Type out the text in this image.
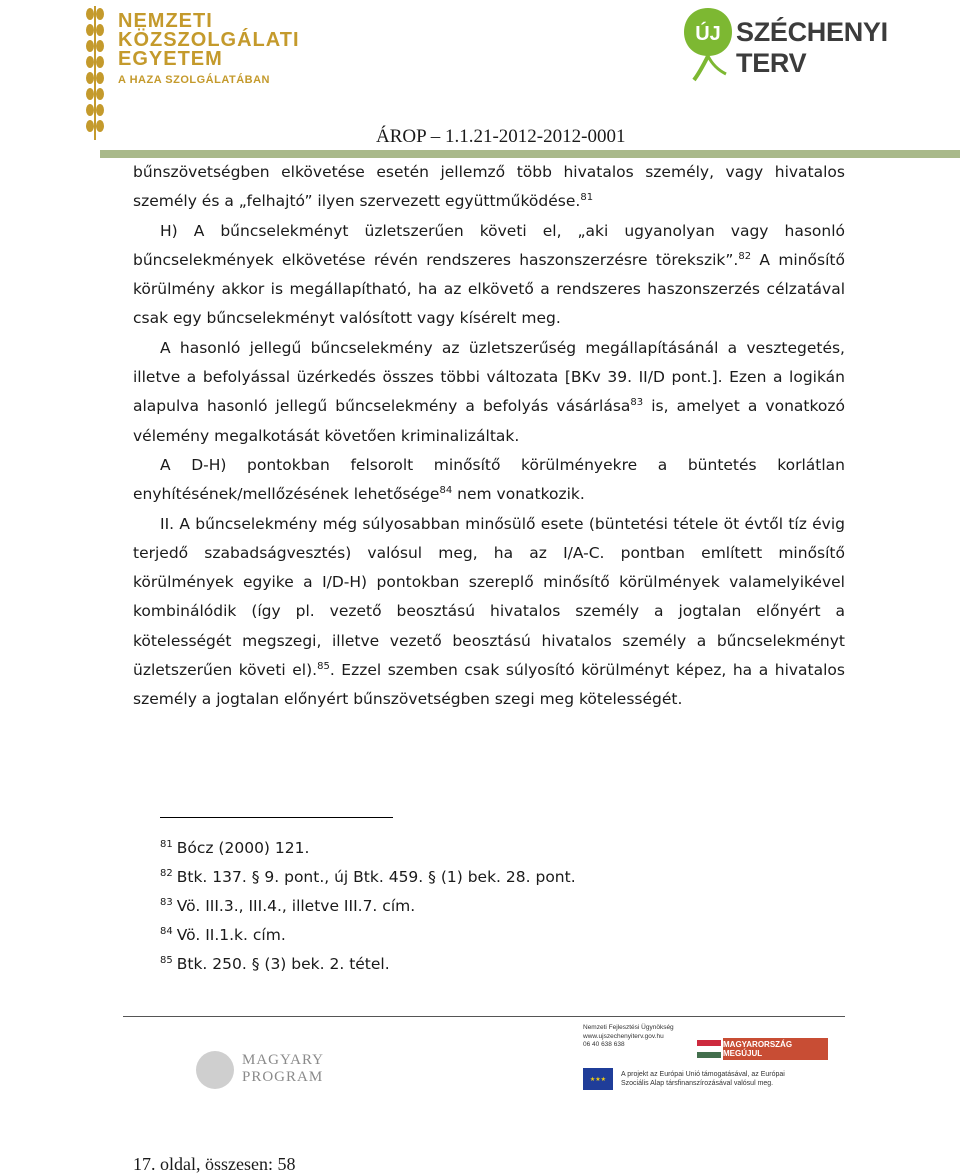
NEMZETI
KÖZSZOLGÁLATI
EGYETEM
A HAZA SZOLGÁLATÁBAN
ÚJ SZÉCHENYI TERV
ÁROP – 1.1.21-2012-2012-0001

bűnszövetségben elkövetése esetén jellemző több hivatalos személy, vagy hivatalos személy és a „felhajtó” ilyen szervezett együttműködése.$^{81}$

H) A bűncselekményt üzletszerűen követi el, „aki ugyanolyan vagy hasonló bűncselekmények elkövetése révén rendszeres haszonszerzésre törekszik”.$^{82}$ A minősítő körülmény akkor is megállapítható, ha az elkövető a rendszeres haszonszerzés célzatával csak egy bűncselekményt valósított vagy kísérelt meg.

A hasonló jellegű bűncselekmény az üzletszerűség megállapításánál a vesztegetés, illetve a befolyással üzérkedés összes többi változata [BKv 39. II/D pont.]. Ezen a logikán alapulva hasonló jellegű bűncselekmény a befolyás vásárlása$^{83}$ is, amelyet a vonatkozó vélemény megalkotását követően kriminalizáltak.

A D-H) pontokban felsorolt minősítő körülményekre a büntetés korlátlan enyhítésének/mellőzésének lehetősége$^{84}$ nem vonatkozik.

II. A bűncselekmény még súlyosabban minősülő esete (büntetési tétele öt évtől tíz évig terjedő szabadságvesztés) valósul meg, ha az I/A-C. pontban említett minősítő körülmények egyike a I/D-H) pontokban szereplő minősítő körülmények valamelyikével kombinálódik (így pl. vezető beosztású hivatalos személy a jogtalan előnyért a kötelességét megszegi, illetve vezető beosztású hivatalos személy a bűncselekményt üzletszerűen követi el).$^{85}$. Ezzel szemben csak súlyosító körülményt képez, ha a hivatalos személy a jogtalan előnyért bűnszövetségben szegi meg kötelességét.

$^{81}$ Bócz (2000) 121.
$^{82}$ Btk. 137. § 9. pont., új Btk. 459. § (1) bek. 28. pont.
$^{83}$ Vö. III.3., III.4., illetve III.7. cím.
$^{84}$ Vö. II.1.k. cím.
$^{85}$ Btk. 250. § (3) bek. 2. tétel.
MAGYARY
PROGRAM
Nemzeti Fejlesztési Ügynökség
www.ujszechenyiterv.gov.hu
06 40 638 638	MAGYARORSZÁG MEGÚJUL
★★★
A projekt az Európai Unió támogatásával, az Európai
Szociális Alap társfinanszírozásával valósul meg.
17. oldal, összesen: 58
